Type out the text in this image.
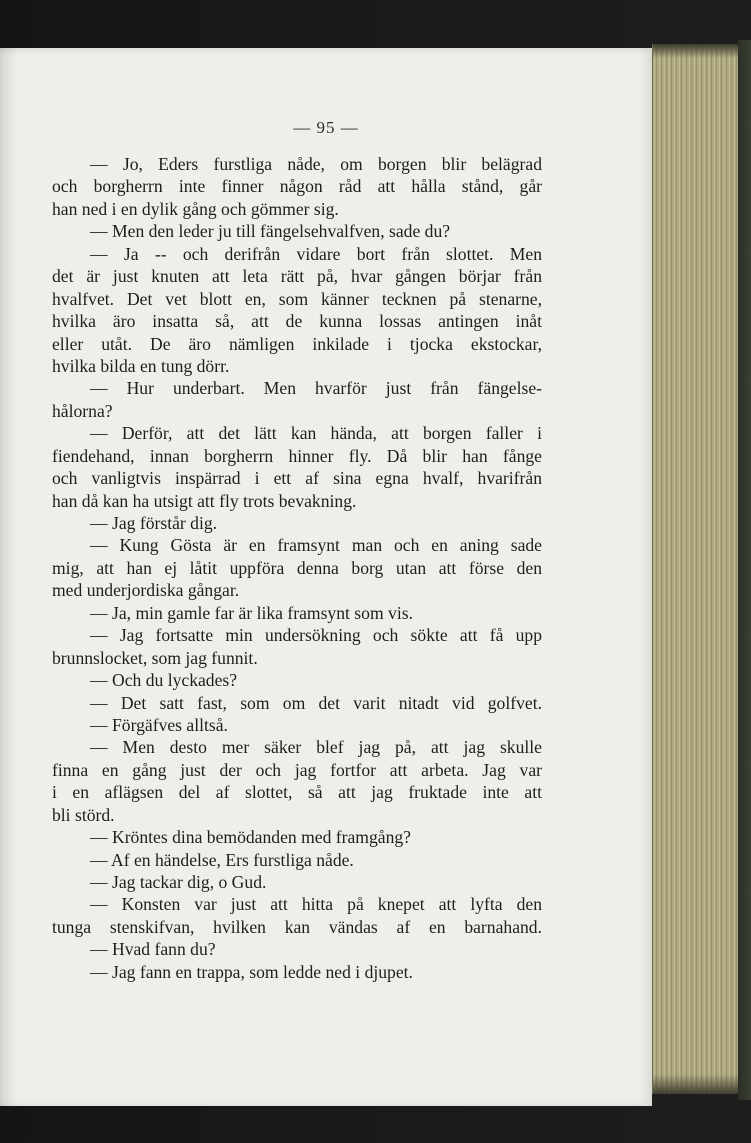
— 95 —
— Jo, Eders furstliga nåde, om borgen blir belägrad
och borgherrn inte finner någon råd att hålla stånd, går
han ned i en dylik gång och gömmer sig.
— Men den leder ju till fängelsehvalfven, sade du?
— Ja -- och derifrån vidare bort från slottet. Men
det är just knuten att leta rätt på, hvar gången börjar från
hvalfvet. Det vet blott en, som känner tecknen på stenarne,
hvilka äro insatta så, att de kunna lossas antingen inåt
eller utåt. De äro nämligen inkilade i tjocka ekstockar,
hvilka bilda en tung dörr.
— Hur underbart. Men hvarför just från fängelse-
hålorna?
— Derför, att det lätt kan hända, att borgen faller i
fiendehand, innan borgherrn hinner fly. Då blir han fånge
och vanligtvis inspärrad i ett af sina egna hvalf, hvarifrån
han då kan ha utsigt att fly trots bevakning.
— Jag förstår dig.
— Kung Gösta är en framsynt man och en aning sade
mig, att han ej låtit uppföra denna borg utan att förse den
med underjordiska gångar.
— Ja, min gamle far är lika framsynt som vis.
— Jag fortsatte min undersökning och sökte att få upp
brunnslocket, som jag funnit.
— Och du lyckades?
— Det satt fast, som om det varit nitadt vid golfvet.
— Förgäfves alltså.
— Men desto mer säker blef jag på, att jag skulle
finna en gång just der och jag fortfor att arbeta. Jag var
i en aflägsen del af slottet, så att jag fruktade inte att
bli störd.
— Kröntes dina bemödanden med framgång?
— Af en händelse, Ers furstliga nåde.
— Jag tackar dig, o Gud.
— Konsten var just att hitta på knepet att lyfta den
tunga stenskifvan, hvilken kan vändas af en barnahand.
— Hvad fann du?
— Jag fann en trappa, som ledde ned i djupet.
